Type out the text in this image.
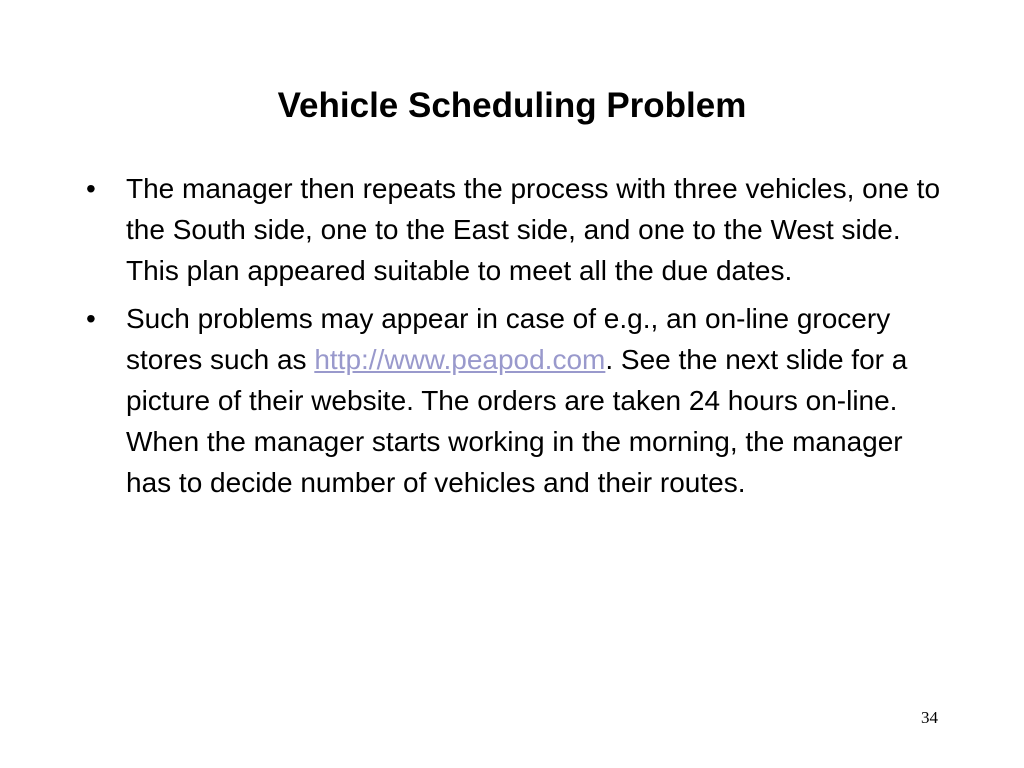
Vehicle Scheduling Problem
•	The manager then repeats the process with three vehicles, one to the South side, one to the East side, and one to the West side. This plan appeared suitable to meet all the due dates.
•	Such problems may appear in case of e.g., an on-line grocery stores such as http://www.peapod.com. See the next slide for a picture of their website. The orders are taken 24 hours on-line. When the manager starts working in the morning, the manager has to decide number of vehicles and their routes.
34
